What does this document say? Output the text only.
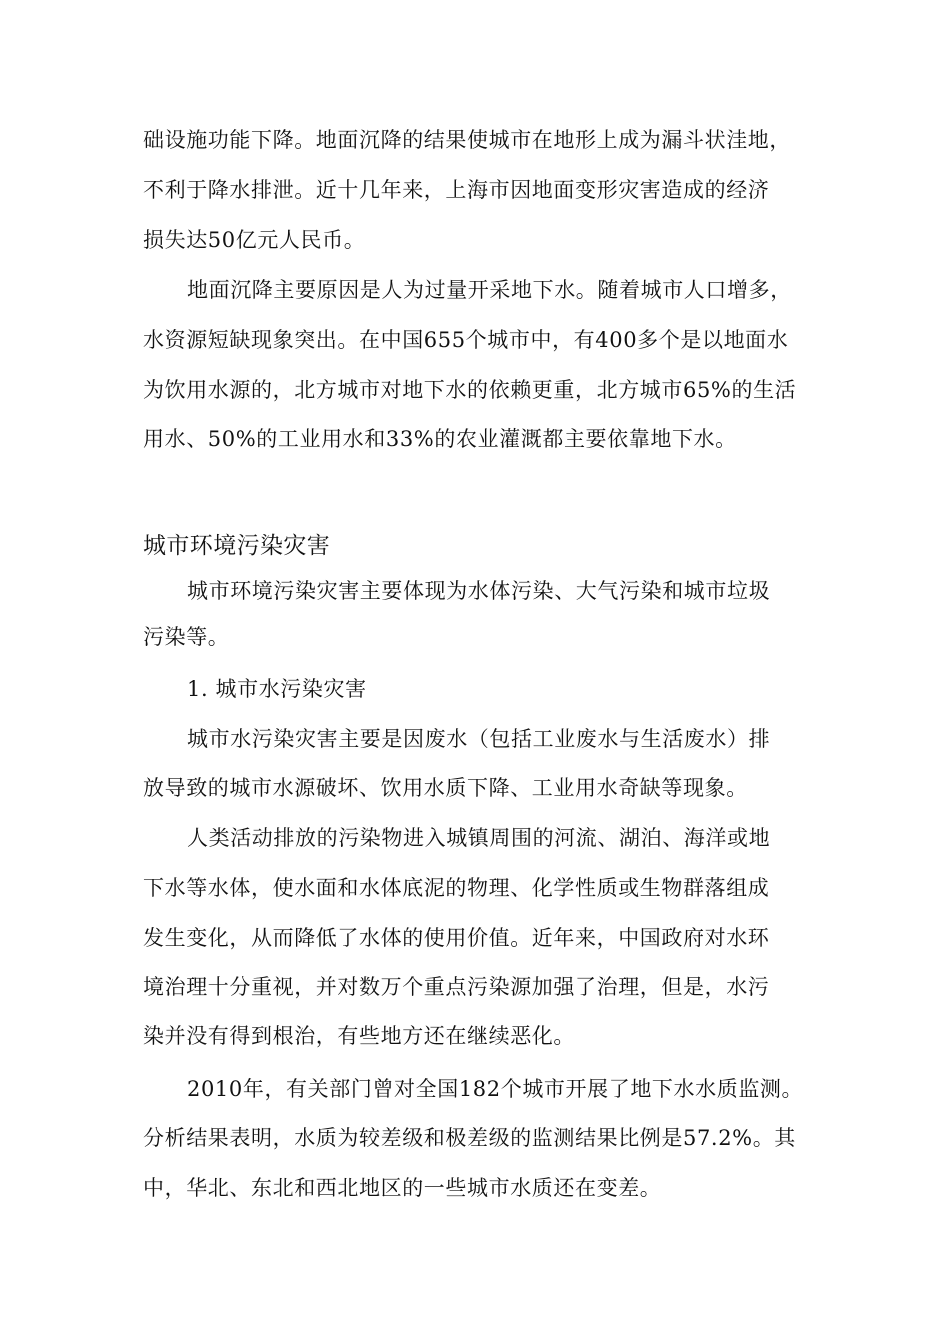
础设施功能下降。地面沉降的结果使城市在地形上成为漏斗状洼地，
不利于降水排泄。近十几年来，上海市因地面变形灾害造成的经济
损失达50亿元人民币。
地面沉降主要原因是人为过量开采地下水。随着城市人口增多，
水资源短缺现象突出。在中国655个城市中，有400多个是以地面水
为饮用水源的，北方城市对地下水的依赖更重，北方城市65%的生活
用水、50%的工业用水和33%的农业灌溉都主要依靠地下水。
城市环境污染灾害
城市环境污染灾害主要体现为水体污染、大气污染和城市垃圾
污染等。
1. 城市水污染灾害
城市水污染灾害主要是因废水（包括工业废水与生活废水）排
放导致的城市水源破坏、饮用水质下降、工业用水奇缺等现象。
人类活动排放的污染物进入城镇周围的河流、湖泊、海洋或地
下水等水体，使水面和水体底泥的物理、化学性质或生物群落组成
发生变化，从而降低了水体的使用价值。近年来，中国政府对水环
境治理十分重视，并对数万个重点污染源加强了治理，但是，水污
染并没有得到根治，有些地方还在继续恶化。
2010年，有关部门曾对全国182个城市开展了地下水水质监测。
分析结果表明，水质为较差级和极差级的监测结果比例是57.2%。其
中，华北、东北和西北地区的一些城市水质还在变差。
